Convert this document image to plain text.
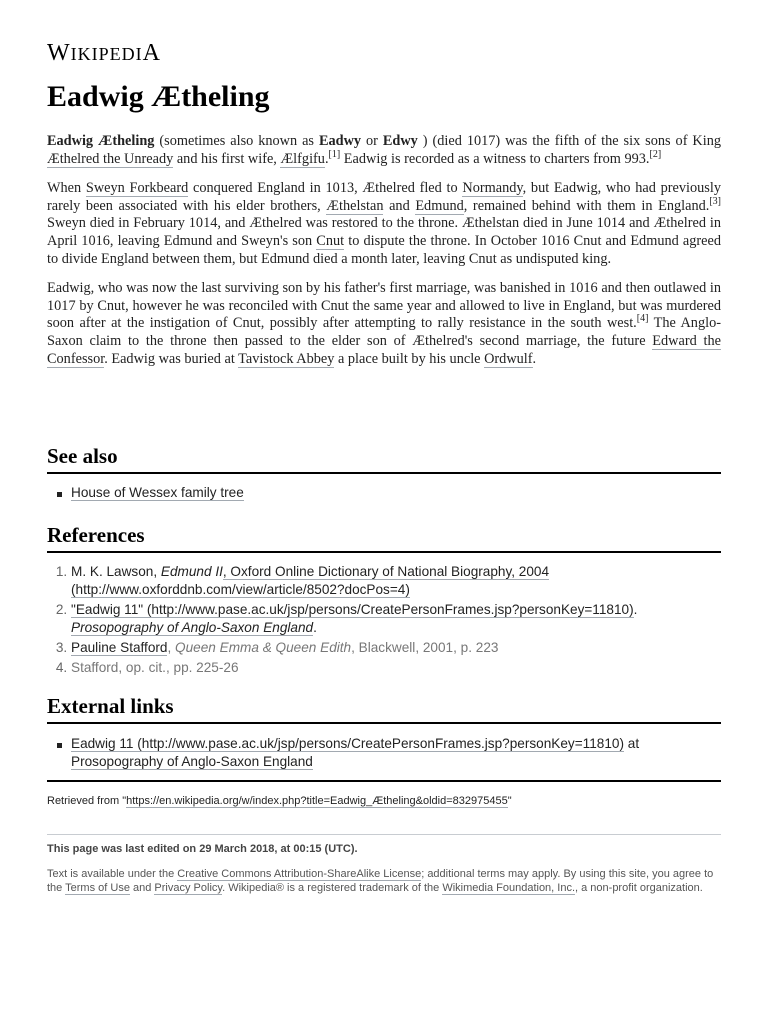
WIKIPEDIA
Eadwig Ætheling

Eadwig Ætheling (sometimes also known as Eadwy or Edwy ) (died 1017) was the fifth of the six sons of King Æthelred the Unready and his first wife, Ælfgifu.[1] Eadwig is recorded as a witness to charters from 993.[2]

When Sweyn Forkbeard conquered England in 1013, Æthelred fled to Normandy, but Eadwig, who had previously rarely been associated with his elder brothers, Æthelstan and Edmund, remained behind with them in England.[3] Sweyn died in February 1014, and Æthelred was restored to the throne. Æthelstan died in June 1014 and Æthelred in April 1016, leaving Edmund and Sweyn's son Cnut to dispute the throne. In October 1016 Cnut and Edmund agreed to divide England between them, but Edmund died a month later, leaving Cnut as undisputed king.

Eadwig, who was now the last surviving son by his father's first marriage, was banished in 1016 and then outlawed in 1017 by Cnut, however he was reconciled with Cnut the same year and allowed to live in England, but was murdered soon after at the instigation of Cnut, possibly after attempting to rally resistance in the south west.[4] The Anglo-Saxon claim to the throne then passed to the elder son of Æthelred's second marriage, the future Edward the Confessor. Eadwig was buried at Tavistock Abbey a place built by his uncle Ordwulf.

See also
House of Wessex family tree
References
1. M. K. Lawson, Edmund II, Oxford Online Dictionary of National Biography, 2004 (http://www.oxforddnb.com/view/article/8502?docPos=4)
2. "Eadwig 11" (http://www.pase.ac.uk/jsp/persons/CreatePersonFrames.jsp?personKey=11810). Prosopography of Anglo-Saxon England.
3. Pauline Stafford, Queen Emma & Queen Edith, Blackwell, 2001, p. 223
4. Stafford, op. cit., pp. 225-26
External links
Eadwig 11 (http://www.pase.ac.uk/jsp/persons/CreatePersonFrames.jsp?personKey=11810) at
Prosopography of Anglo-Saxon England
Retrieved from "https://en.wikipedia.org/w/index.php?title=Eadwig_Ætheling&oldid=832975455"
This page was last edited on 29 March 2018, at 00:15 (UTC).
Text is available under the Creative Commons Attribution-ShareAlike License; additional terms may apply. By using this site, you agree to the Terms of Use and Privacy Policy. Wikipedia® is a registered trademark of the Wikimedia Foundation, Inc., a non-profit organization.
